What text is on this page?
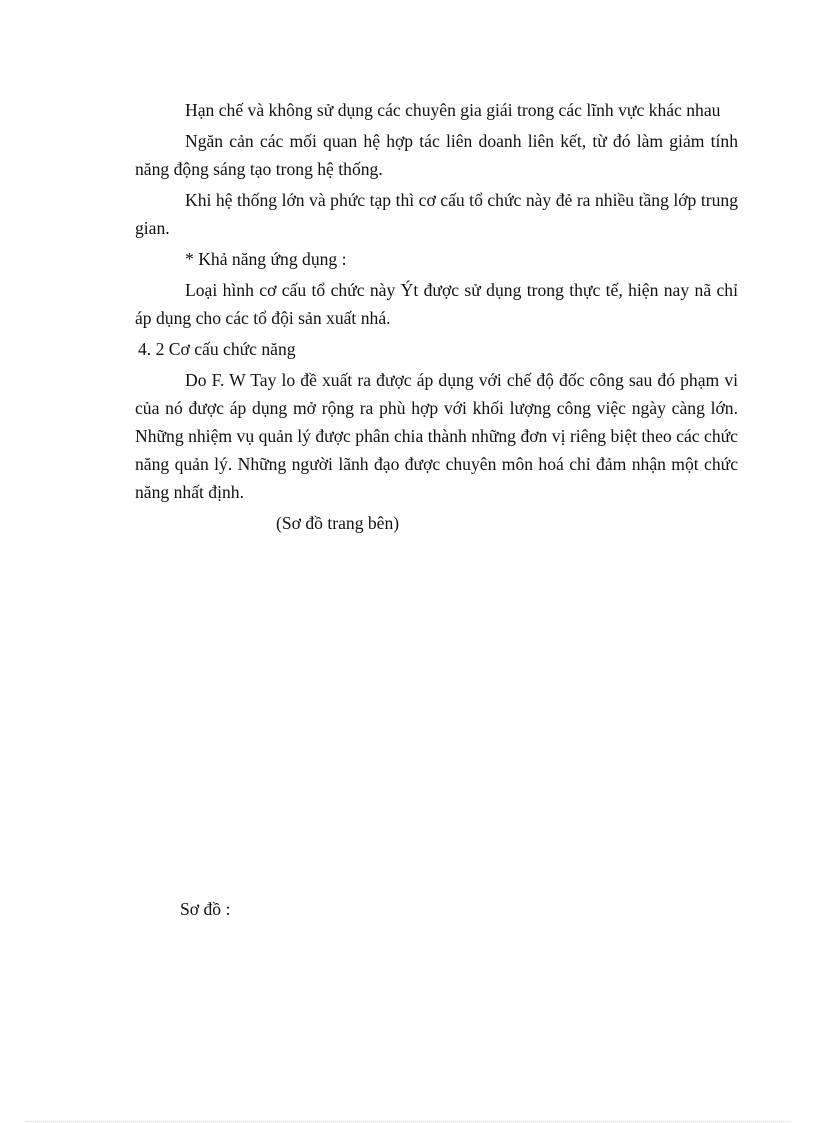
Hạn chế và không sử dụng các chuyên gia giái trong các lĩnh vực khác nhau

Ngăn cản các mối quan hệ hợp tác liên doanh liên kết, từ đó làm giảm tính năng động sáng tạo trong hệ thống.

Khi hệ thống lớn và phức tạp thì cơ cấu tổ chức này đẻ ra nhiều tầng lớp trung gian.

* Khả năng ứng dụng :

Loại hình cơ cấu tổ chức này Ýt được sử dụng trong thực tế, hiện nay nã chỉ áp dụng cho các tổ đội sản xuất nhá.

4. 2 Cơ cấu chức năng

Do F. W Tay lo đề xuất ra được áp dụng với chế độ đốc công sau đó phạm vi của nó được áp dụng mở rộng ra phù hợp với khối lượng công việc ngày càng lớn. Những nhiệm vụ quản lý được phân chia thành những đơn vị riêng biệt theo các chức năng quản lý. Những người lãnh đạo được chuyên môn hoá chỉ đảm nhận một chức năng nhất định.

(Sơ đồ trang bên)

Sơ đồ :
